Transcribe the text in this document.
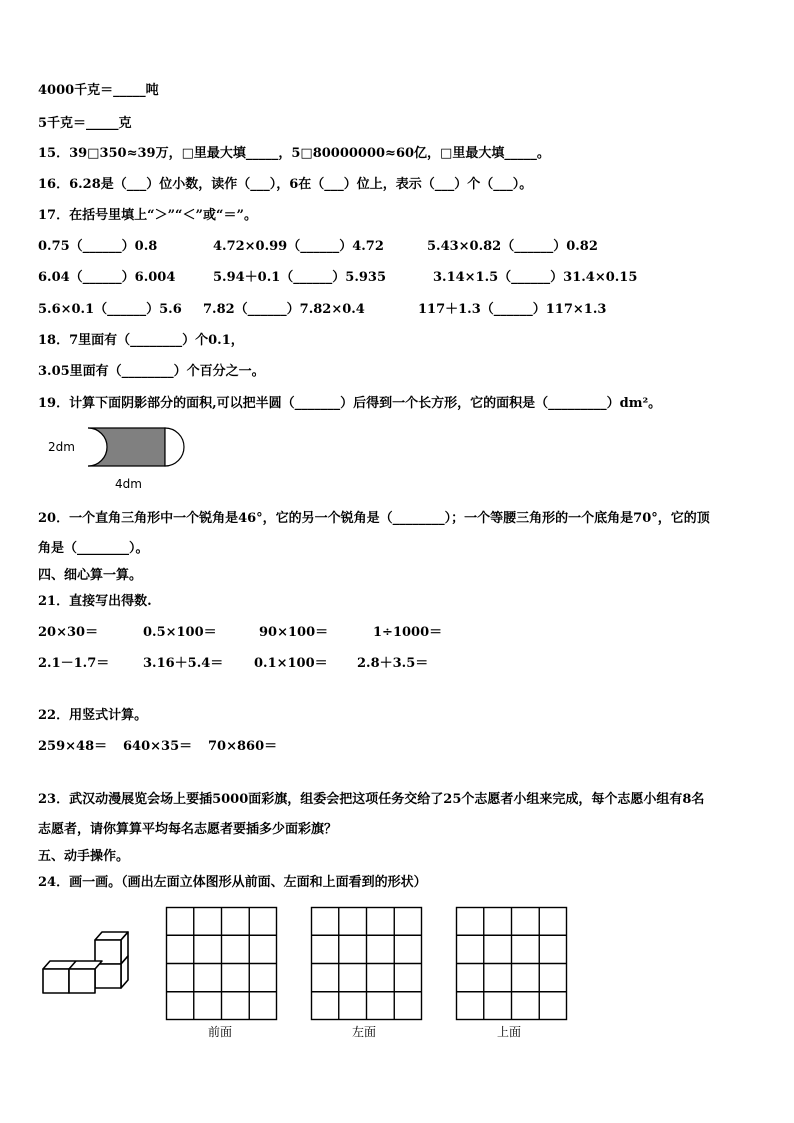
4000千克＝_____吨
5千克＝_____克
15．39□350≈39万，□里最大填_____，5□80000000≈60亿，□里最大填_____。
16．6.28是（___）位小数，读作（___），6在（___）位上，表示（___）个（___）。
17．在括号里填上“＞”“＜”或“＝”。
0.75（______）0.8	4.72×0.99（______）4.72	5.43×0.82（______）0.82
6.04（______）6.004	5.94＋0.1（______）5.935	3.14×1.5（______）31.4×0.15
5.6×0.1（______）5.6 7.82（______）7.82×0.4	117＋1.3（______）117×1.3
18．7里面有（________）个0.1，
3.05里面有（________）个百分之一。
19．计算下面阴影部分的面积,可以把半圆（_______）后得到一个长方形，它的面积是（_________）dm²。
2dm
4dm
20．一个直角三角形中一个锐角是46°，它的另一个锐角是（________）；一个等腰三角形的一个底角是70°，它的顶
角是（________）。
四、细心算一算。
21．直接写出得数.
20×30＝	0.5×100＝	90×100＝	1÷1000＝
2.1－1.7＝	3.16＋5.4＝ 0.1×100＝ 2.8＋3.5＝
22．用竖式计算。
259×48＝ 640×35＝ 70×860＝
23．武汉动漫展览会场上要插5000面彩旗，组委会把这项任务交给了25个志愿者小组来完成，每个志愿小组有8名
志愿者，请你算算平均每名志愿者要插多少面彩旗？
五、动手操作。
24．画一画。（画出左面立体图形从前面、左面和上面看到的形状）
前面	左面	上面
